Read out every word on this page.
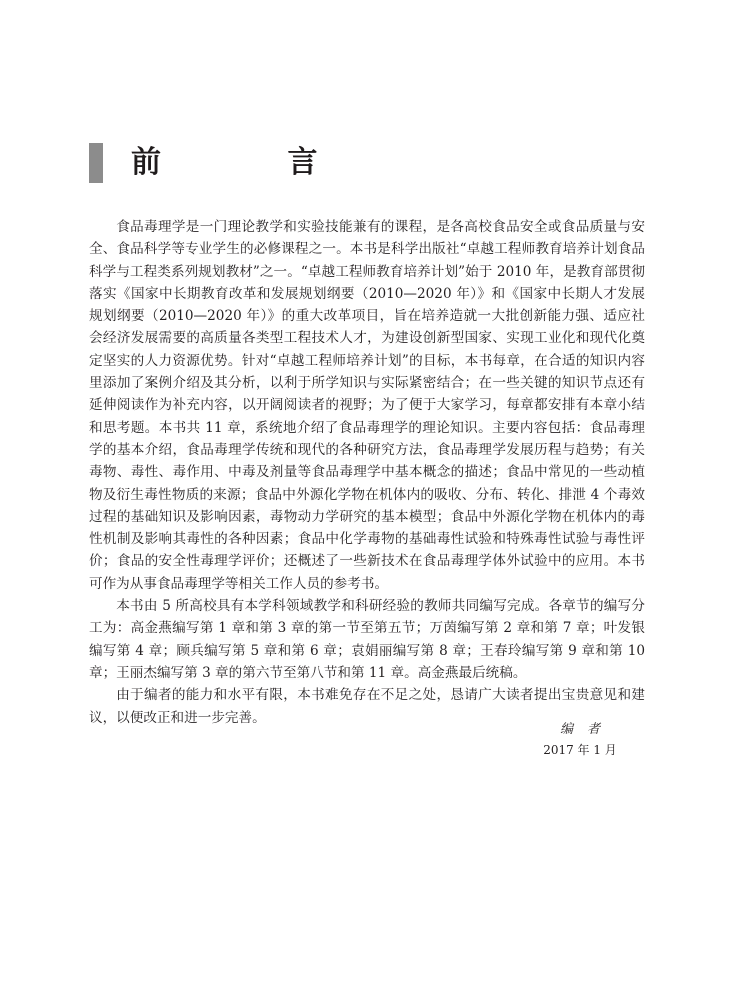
前 言

食品毒理学是一门理论教学和实验技能兼有的课程，是各高校食品安全或食品质量与安全、食品科学等专业学生的必修课程之一。本书是科学出版社“卓越工程师教育培养计划食品科学与工程类系列规划教材”之一。“卓越工程师教育培养计划”始于 2010 年，是教育部贯彻落实《国家中长期教育改革和发展规划纲要（2010—2020 年）》和《国家中长期人才发展规划纲要（2010—2020 年）》的重大改革项目，旨在培养造就一大批创新能力强、适应社会经济发展需要的高质量各类型工程技术人才，为建设创新型国家、实现工业化和现代化奠定坚实的人力资源优势。针对“卓越工程师培养计划”的目标，本书每章，在合适的知识内容里添加了案例介绍及其分析，以利于所学知识与实际紧密结合；在一些关键的知识节点还有延伸阅读作为补充内容，以开阔阅读者的视野；为了便于大家学习，每章都安排有本章小结和思考题。本书共 11 章，系统地介绍了食品毒理学的理论知识。主要内容包括：食品毒理学的基本介绍，食品毒理学传统和现代的各种研究方法，食品毒理学发展历程与趋势；有关毒物、毒性、毒作用、中毒及剂量等食品毒理学中基本概念的描述；食品中常见的一些动植物及衍生毒性物质的来源；食品中外源化学物在机体内的吸收、分布、转化、排泄 4 个毒效过程的基础知识及影响因素，毒物动力学研究的基本模型；食品中外源化学物在机体内的毒性机制及影响其毒性的各种因素；食品中化学毒物的基础毒性试验和特殊毒性试验与毒性评价；食品的安全性毒理学评价；还概述了一些新技术在食品毒理学体外试验中的应用。本书可作为从事食品毒理学等相关工作人员的参考书。

本书由 5 所高校具有本学科领域教学和科研经验的教师共同编写完成。各章节的编写分工为：高金燕编写第 1 章和第 3 章的第一节至第五节；万茵编写第 2 章和第 7 章；叶发银编写第 4 章；顾兵编写第 5 章和第 6 章；袁娟丽编写第 8 章；王春玲编写第 9 章和第 10 章；王丽杰编写第 3 章的第六节至第八节和第 11 章。高金燕最后统稿。

由于编者的能力和水平有限，本书难免存在不足之处，恳请广大读者提出宝贵意见和建议，以便改正和进一步完善。

编者
2017 年 1 月
